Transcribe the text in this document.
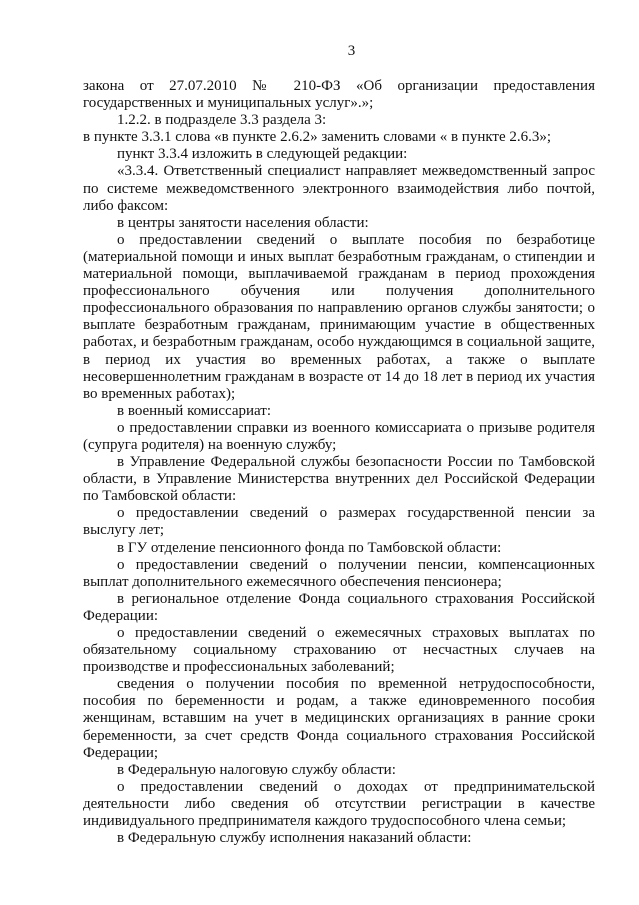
3

закона от 27.07.2010 № 210-ФЗ «Об организации предоставления государственных и муниципальных услуг».»;

1.2.2. в подразделе 3.3 раздела 3:

в пункте 3.3.1 слова «в пункте 2.6.2» заменить словами « в пункте 2.6.3»;

пункт 3.3.4 изложить в следующей редакции:

«3.3.4. Ответственный специалист направляет межведомственный запрос по системе межведомственного электронного взаимодействия либо почтой, либо факсом:

в центры занятости населения области:

о предоставлении сведений о выплате пособия по безработице (материальной помощи и иных выплат безработным гражданам, о стипендии и материальной помощи, выплачиваемой гражданам в период прохождения профессионального обучения или получения дополнительного профессионального образования по направлению органов службы занятости; о выплате безработным гражданам, принимающим участие в общественных работах, и безработным гражданам, особо нуждающимся в социальной защите, в период их участия во временных работах, а также о выплате несовершеннолетним гражданам в возрасте от 14 до 18 лет в период их участия во временных работах);

в военный комиссариат:

о предоставлении справки из военного комиссариата о призыве родителя (супруга родителя) на военную службу;

в Управление Федеральной службы безопасности России по Тамбовской области, в Управление Министерства внутренних дел Российской Федерации по Тамбовской области:

о предоставлении сведений о размерах государственной пенсии за выслугу лет;

в ГУ отделение пенсионного фонда по Тамбовской области:

о предоставлении сведений о получении пенсии, компенсационных выплат дополнительного ежемесячного обеспечения пенсионера;

в региональное отделение Фонда социального страхования Российской Федерации:

о предоставлении сведений о ежемесячных страховых выплатах по обязательному социальному страхованию от несчастных случаев на производстве и профессиональных заболеваний;

сведения о получении пособия по временной нетрудоспособности, пособия по беременности и родам, а также единовременного пособия женщинам, вставшим на учет в медицинских организациях в ранние сроки беременности, за счет средств Фонда социального страхования Российской Федерации;

в Федеральную налоговую службу области:

о предоставлении сведений о доходах от предпринимательской деятельности либо сведения об отсутствии регистрации в качестве индивидуального предпринимателя каждого трудоспособного члена семьи;

в Федеральную службу исполнения наказаний области:
